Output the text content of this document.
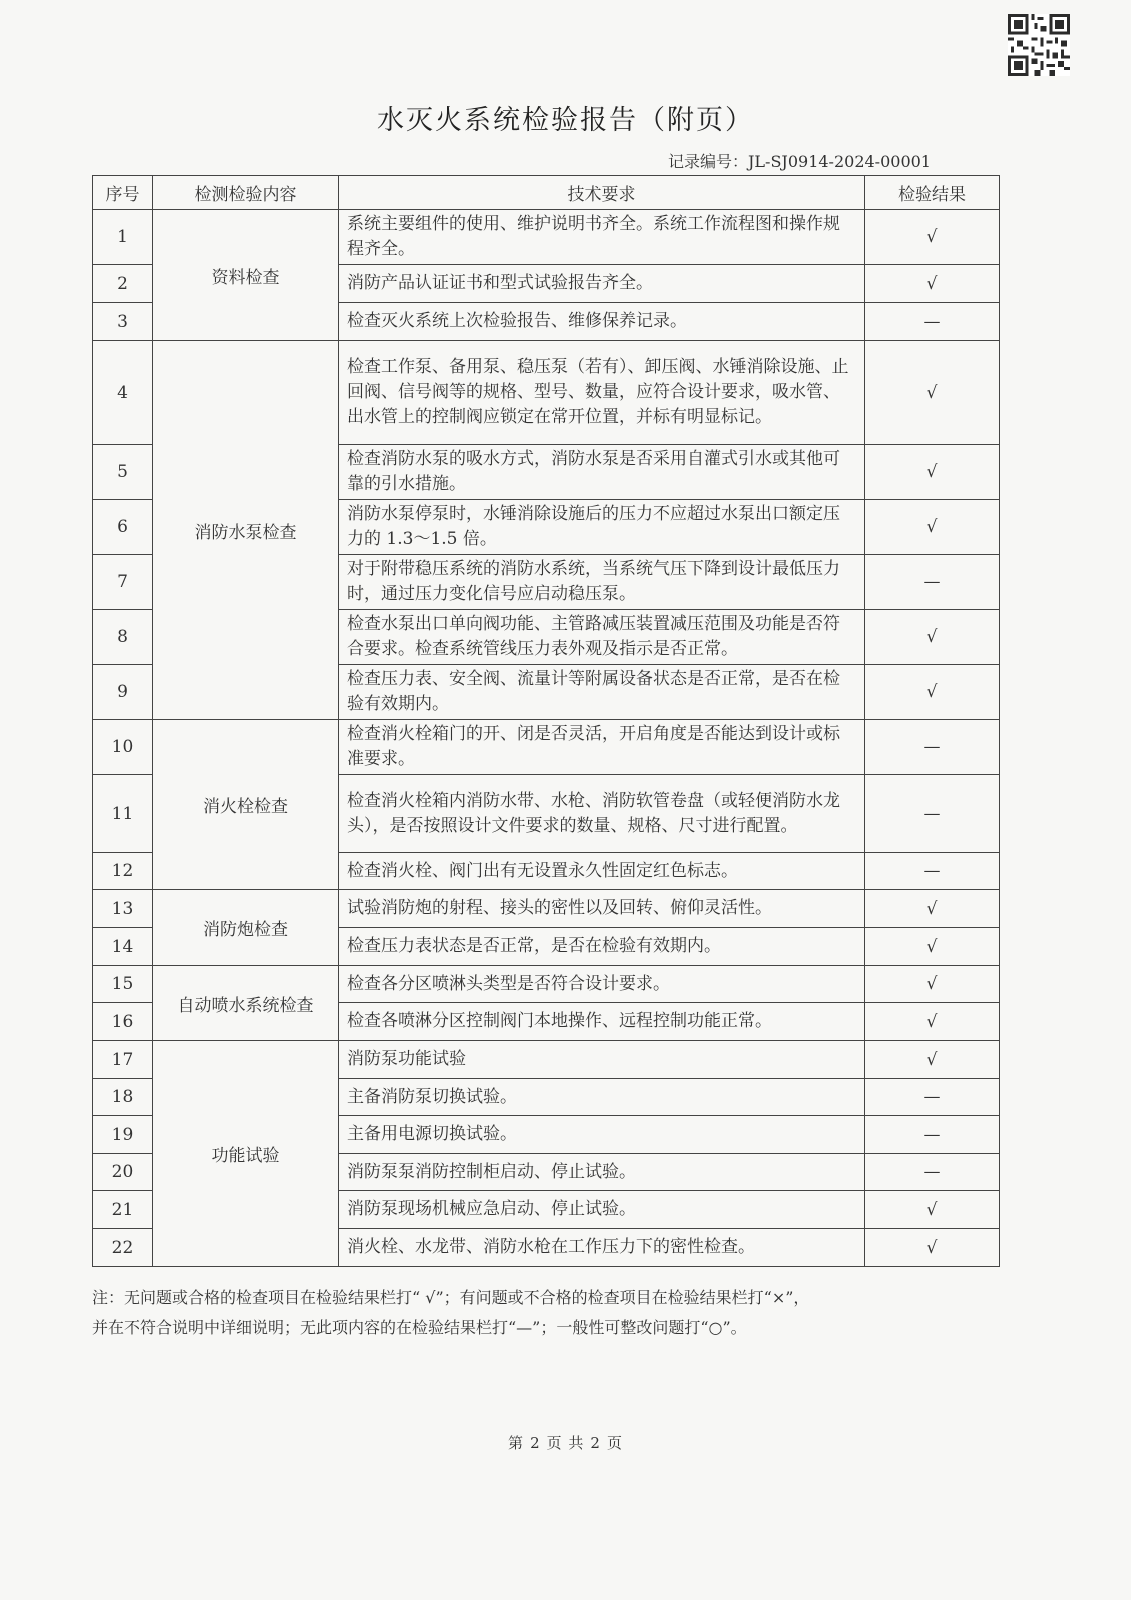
水灭火系统检验报告（附页）
记录编号：JL-SJ0914-2024-00001
序号	检测检验内容	技术要求	检验结果
1	资料检查	系统主要组件的使用、维护说明书齐全。系统工作流程图和操作规程齐全。	√
2		消防产品认证证书和型式试验报告齐全。	√
3		检查灭火系统上次检验报告、维修保养记录。	—
4	消防水泵检查	检查工作泵、备用泵、稳压泵（若有）、卸压阀、水锤消除设施、止回阀、信号阀等的规格、型号、数量，应符合设计要求，吸水管、出水管上的控制阀应锁定在常开位置，并标有明显标记。	√
5		检查消防水泵的吸水方式，消防水泵是否采用自灌式引水或其他可靠的引水措施。	√
6		消防水泵停泵时，水锤消除设施后的压力不应超过水泵出口额定压力的 1.3～1.5 倍。	√
7		对于附带稳压系统的消防水系统，当系统气压下降到设计最低压力时，通过压力变化信号应启动稳压泵。	—
8		检查水泵出口单向阀功能、主管路减压装置减压范围及功能是否符合要求。检查系统管线压力表外观及指示是否正常。	√
9		检查压力表、安全阀、流量计等附属设备状态是否正常，是否在检验有效期内。	√
10	消火栓检查	检查消火栓箱门的开、闭是否灵活，开启角度是否能达到设计或标准要求。	—
11		检查消火栓箱内消防水带、水枪、消防软管卷盘（或轻便消防水龙头），是否按照设计文件要求的数量、规格、尺寸进行配置。	—
12		检查消火栓、阀门出有无设置永久性固定红色标志。	—
13	消防炮检查	试验消防炮的射程、接头的密性以及回转、俯仰灵活性。	√
14		检查压力表状态是否正常，是否在检验有效期内。	√
15	自动喷水系统检查	检查各分区喷淋头类型是否符合设计要求。	√
16		检查各喷淋分区控制阀门本地操作、远程控制功能正常。	√
17	功能试验	消防泵功能试验	√
18		主备消防泵切换试验。	—
19		主备用电源切换试验。	—
20		消防泵泵消防控制柜启动、停止试验。	—
21		消防泵现场机械应急启动、停止试验。	√
22		消火栓、水龙带、消防水枪在工作压力下的密性检查。	√
注：无问题或合格的检查项目在检验结果栏打“ √”；有问题或不合格的检查项目在检验结果栏打“×”，
并在不符合说明中详细说明；无此项内容的在检验结果栏打“—”；一般性可整改问题打“○”。
第 2 页 共 2 页
